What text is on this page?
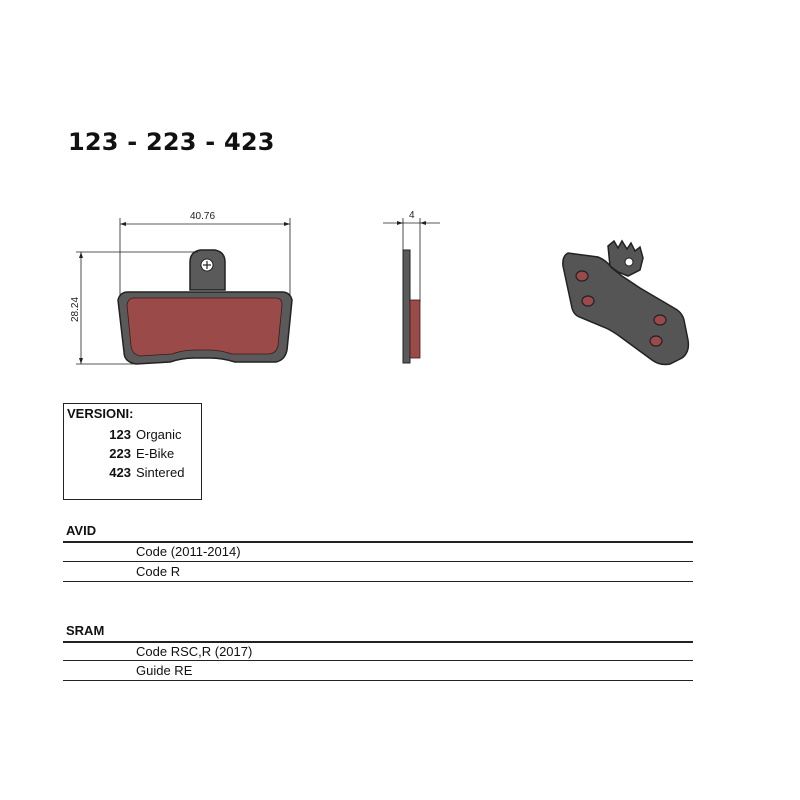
123 - 223 - 423
40.76
28.24
4
VERSIONI:
123 Organic
223 E-Bike
423 Sintered
AVID
Code (2011-2014)
Code R
SRAM
Code RSC,R (2017)
Guide RE
